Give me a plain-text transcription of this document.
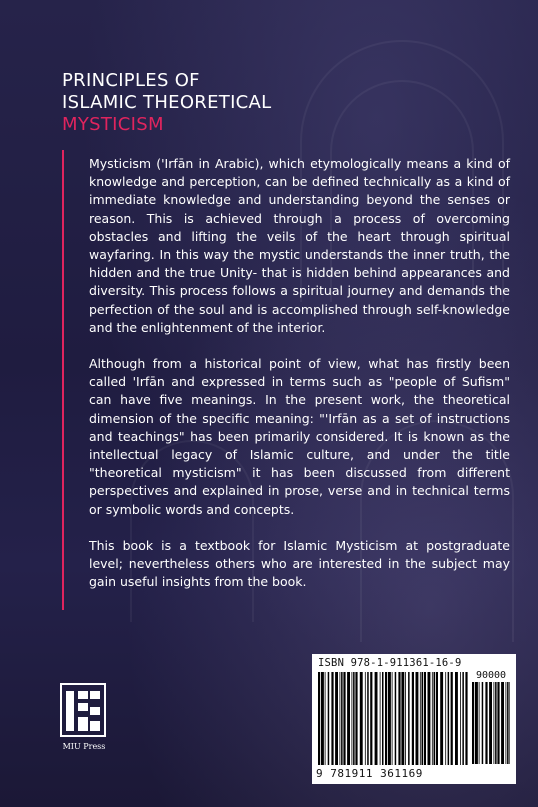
PRINCIPLES OF
ISLAMIC THEORETICAL
MYSTICISM

Mysticism ('Irfān in Arabic), which etymologically means a kind of knowledge and perception, can be defined technically as a kind of immediate knowledge and understanding beyond the senses or reason. This is achieved through a process of overcoming obstacles and lifting the veils of the heart through spiritual wayfaring. In this way the mystic understands the inner truth, the hidden and the true Unity- that is hidden behind appearances and diversity. This process follows a spiritual journey and demands the perfection of the soul and is accomplished through self-knowledge and the enlightenment of the interior.

Although from a historical point of view, what has firstly been called 'Irfān and expressed in terms such as "people of Sufism" can have five meanings. In the present work, the theoretical dimension of the specific meaning: "'Irfān as a set of instructions and teachings" has been primarily considered. It is known as the intellectual legacy of Islamic culture, and under the title "theoretical mysticism" it has been discussed from different perspectives and explained in prose, verse and in technical terms or symbolic words and concepts.

This book is a textbook for Islamic Mysticism at postgraduate level; nevertheless others who are interested in the subject may gain useful insights from the book.

MIU Press
ISBN 978-1-911361-16-9
90000
9 781911 361169
